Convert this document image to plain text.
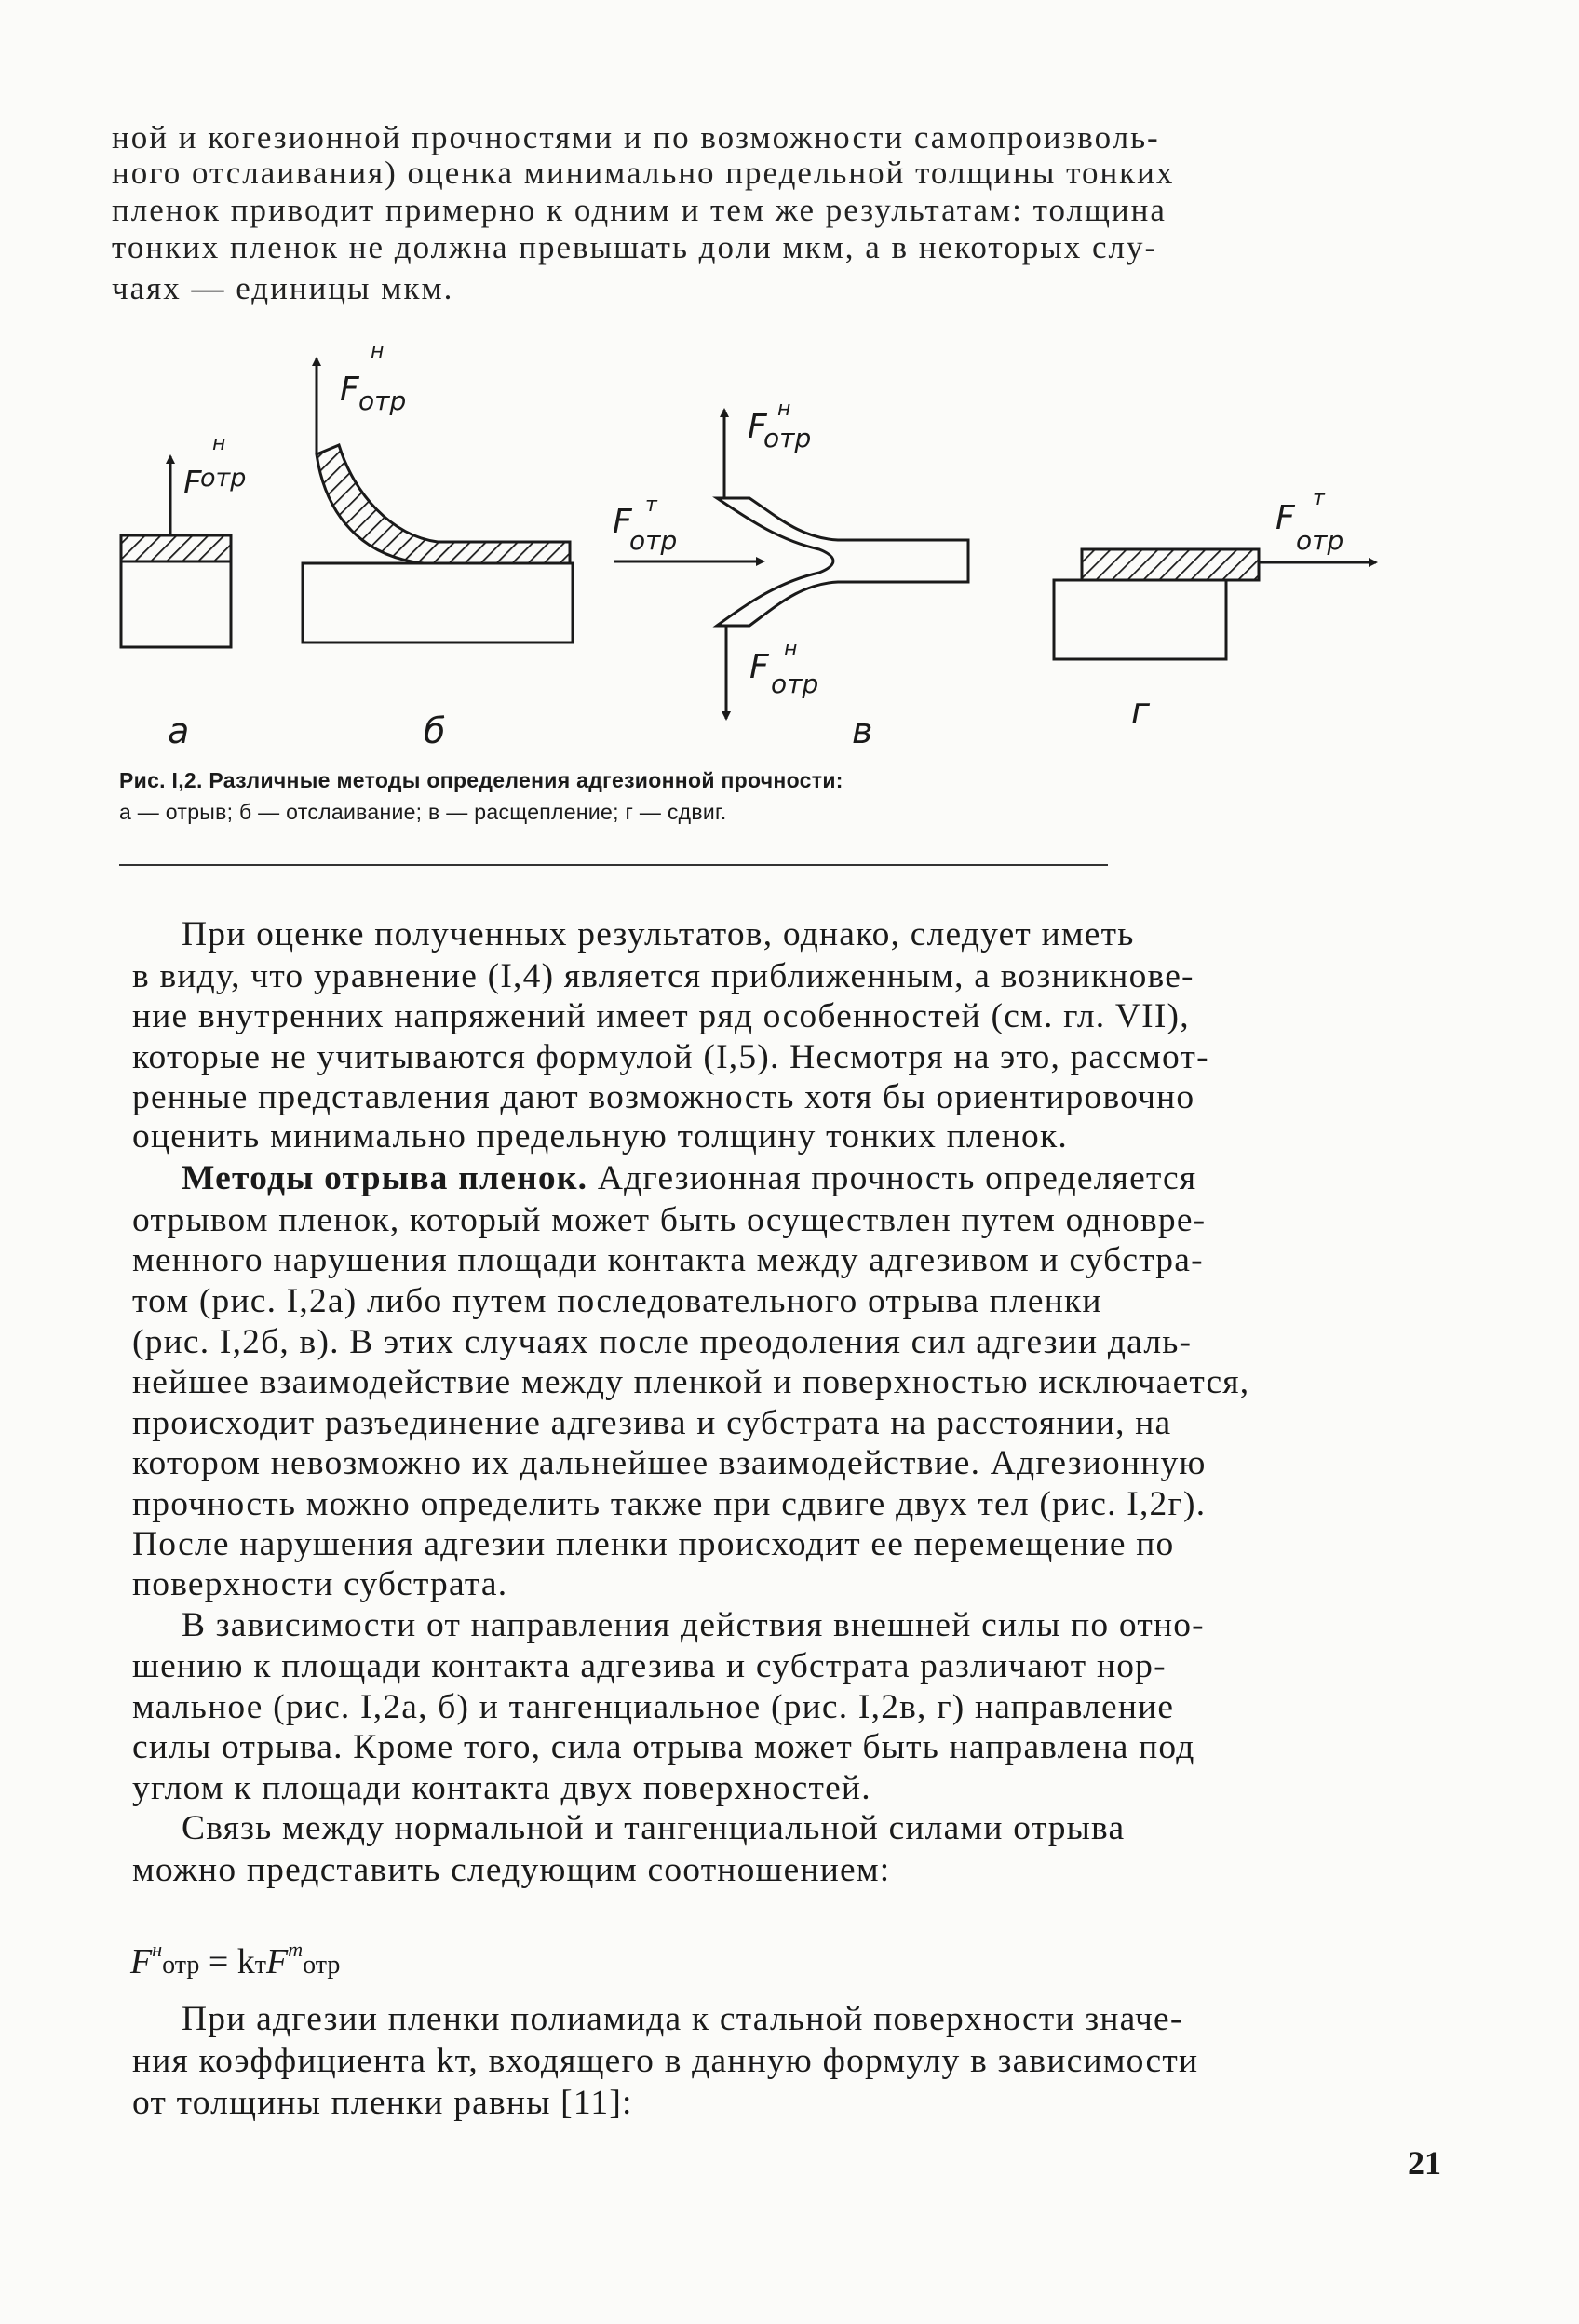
ной и когезионной прочностями и по возможности самопроизволь-

ного отслаивания) оценка минимально предельной толщины тонких

пленок приводит примерно к одним и тем же результатам: толщина

тонких пленок не должна превышать доли мкм, а в некоторых слу-

чаях — единицы мкм.

F
н
отр
а
F
н
отр
б
F н
отр
F т
отр
F н
отр
в
F
т
отр
г

Рис. I,2. Различные методы определения адгезионной прочности:

а — отрыв; б — отслаивание; в — расщепление; г — сдвиг.

При оценке полученных результатов, однако, следует иметь

в виду, что уравнение (I,4) является приближенным, а возникнове-

ние внутренних напряжений имеет ряд особенностей (см. гл. VII),

которые не учитываются формулой (I,5). Несмотря на это, рассмот-

ренные представления дают возможность хотя бы ориентировочно

оценить минимально предельную толщину тонких пленок.

Методы отрыва пленок. Адгезионная прочность определяется

отрывом пленок, который может быть осуществлен путем одновре-

менного нарушения площади контакта между адгезивом и субстра-

том (рис. I,2а) либо путем последовательного отрыва пленки

(рис. I,2б, в). В этих случаях после преодоления сил адгезии даль-

нейшее взаимодействие между пленкой и поверхностью исключается,

происходит разъединение адгезива и субстрата на расстоянии, на

котором невозможно их дальнейшее взаимодействие. Адгезионную

прочность можно определить также при сдвиге двух тел (рис. I,2г).

После нарушения адгезии пленки происходит ее перемещение по

поверхности субстрата.

В зависимости от направления действия внешней силы по отно-

шению к площади контакта адгезива и субстрата различают нор-

мальное (рис. I,2а, б) и тангенциальное (рис. I,2в, г) направление

силы отрыва. Кроме того, сила отрыва может быть направлена под

углом к площади контакта двух поверхностей.

Связь между нормальной и тангенциальной силами отрыва

можно представить следующим соотношением:

$F^нотр = kтF^тотр$

При адгезии пленки полиамида к стальной поверхности значе-

ния коэффициента kт, входящего в данную формулу в зависимости

от толщины пленки равны [11]:

21
